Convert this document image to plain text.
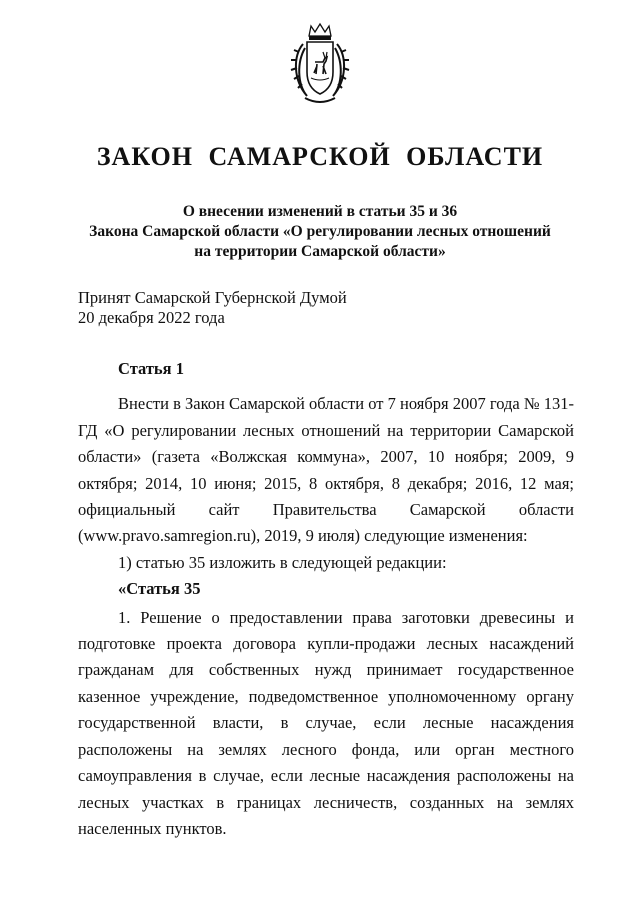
ЗАКОН САМАРСКОЙ ОБЛАСТИ
О внесении изменений в статьи 35 и 36
Закона Самарской области «О регулировании лесных отношений
на территории Самарской области»
Принят Самарской Губернской Думой
20 декабря 2022 года

Статья 1

Внести в Закон Самарской области от 7 ноября 2007 года № 131-ГД «О регулировании лесных отношений на территории Самарской области» (газета «Волжская коммуна», 2007, 10 ноября; 2009, 9 октября; 2014, 10 июня; 2015, 8 октября, 8 декабря; 2016, 12 мая; официальный сайт Правительства Самарской области (www.pravo.samregion.ru), 2019, 9 июля) следующие изменения:

1) статью 35 изложить в следующей редакции:

«Статья 35

1. Решение о предоставлении права заготовки древесины и подготовке проекта договора купли-продажи лесных насаждений гражданам для собственных нужд принимает государственное казенное учреждение, подведомственное уполномоченному органу государственной власти, в случае, если лесные насаждения расположены на землях лесного фонда, или орган местного самоуправления в случае, если лесные насаждения расположены на лесных участках в границах лесничеств, созданных на землях населенных пунктов.
